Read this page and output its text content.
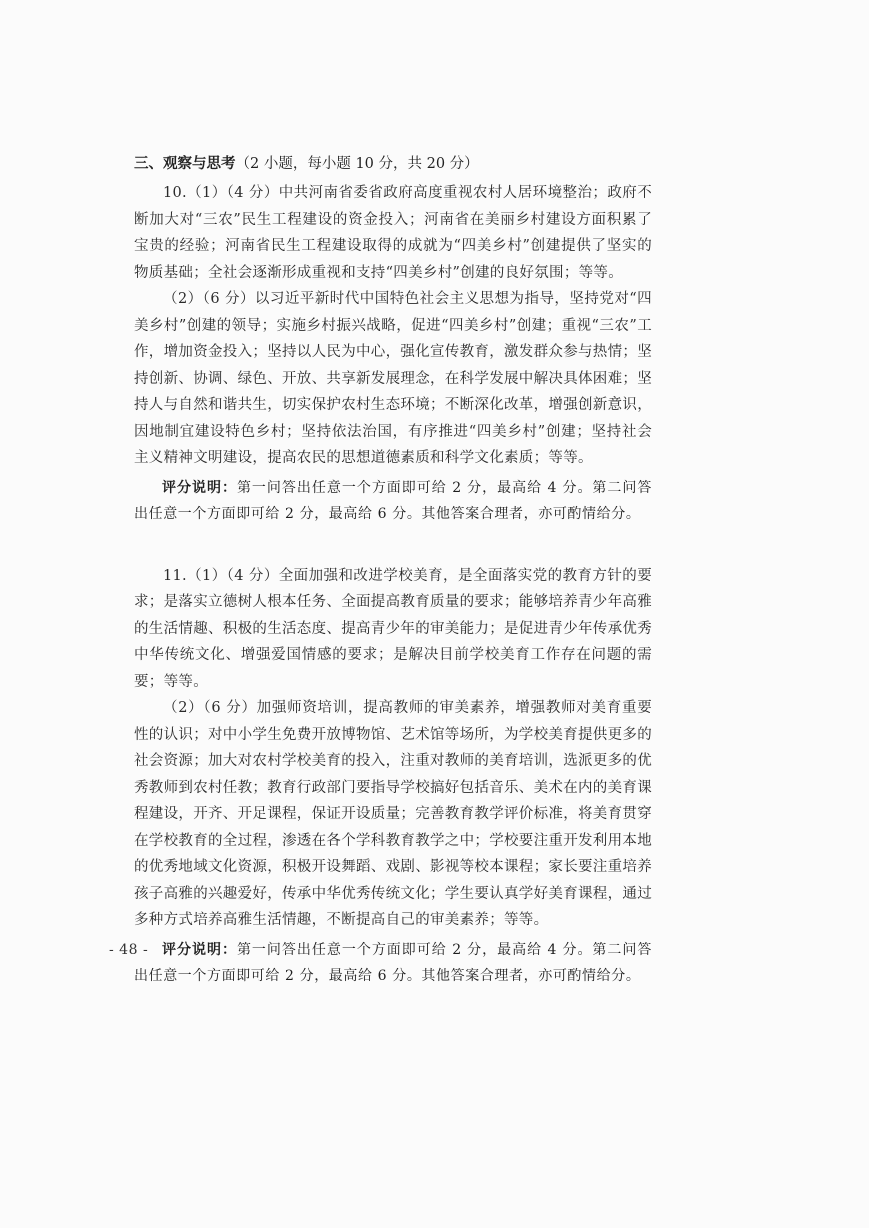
三、观察与思考（2 小题，每小题 10 分，共 20 分）

10.（1）（4 分）中共河南省委省政府高度重视农村人居环境整治；政府不断加大对“三农”民生工程建设的资金投入；河南省在美丽乡村建设方面积累了宝贵的经验；河南省民生工程建设取得的成就为“四美乡村”创建提供了坚实的物质基础；全社会逐渐形成重视和支持“四美乡村”创建的良好氛围；等等。

（2）（6 分）以习近平新时代中国特色社会主义思想为指导，坚持党对“四美乡村”创建的领导；实施乡村振兴战略，促进“四美乡村”创建；重视“三农”工作，增加资金投入；坚持以人民为中心，强化宣传教育，激发群众参与热情；坚持创新、协调、绿色、开放、共享新发展理念，在科学发展中解决具体困难；坚持人与自然和谐共生，切实保护农村生态环境；不断深化改革，增强创新意识，因地制宜建设特色乡村；坚持依法治国，有序推进“四美乡村”创建；坚持社会主义精神文明建设，提高农民的思想道德素质和科学文化素质；等等。

评分说明：第一问答出任意一个方面即可给 2 分，最高给 4 分。第二问答出任意一个方面即可给 2 分，最高给 6 分。其他答案合理者，亦可酌情给分。

11.（1）（4 分）全面加强和改进学校美育，是全面落实党的教育方针的要求；是落实立德树人根本任务、全面提高教育质量的要求；能够培养青少年高雅的生活情趣、积极的生活态度、提高青少年的审美能力；是促进青少年传承优秀中华传统文化、增强爱国情感的要求；是解决目前学校美育工作存在问题的需要；等等。

（2）（6 分）加强师资培训，提高教师的审美素养，增强教师对美育重要性的认识；对中小学生免费开放博物馆、艺术馆等场所，为学校美育提供更多的社会资源；加大对农村学校美育的投入，注重对教师的美育培训，选派更多的优秀教师到农村任教；教育行政部门要指导学校搞好包括音乐、美术在内的美育课程建设，开齐、开足课程，保证开设质量；完善教育教学评价标准，将美育贯穿在学校教育的全过程，渗透在各个学科教育教学之中；学校要注重开发利用本地的优秀地域文化资源，积极开设舞蹈、戏剧、影视等校本课程；家长要注重培养孩子高雅的兴趣爱好，传承中华优秀传统文化；学生要认真学好美育课程，通过多种方式培养高雅生活情趣，不断提高自己的审美素养；等等。

评分说明：第一问答出任意一个方面即可给 2 分，最高给 4 分。第二问答出任意一个方面即可给 2 分，最高给 6 分。其他答案合理者，亦可酌情给分。

- 48 -
